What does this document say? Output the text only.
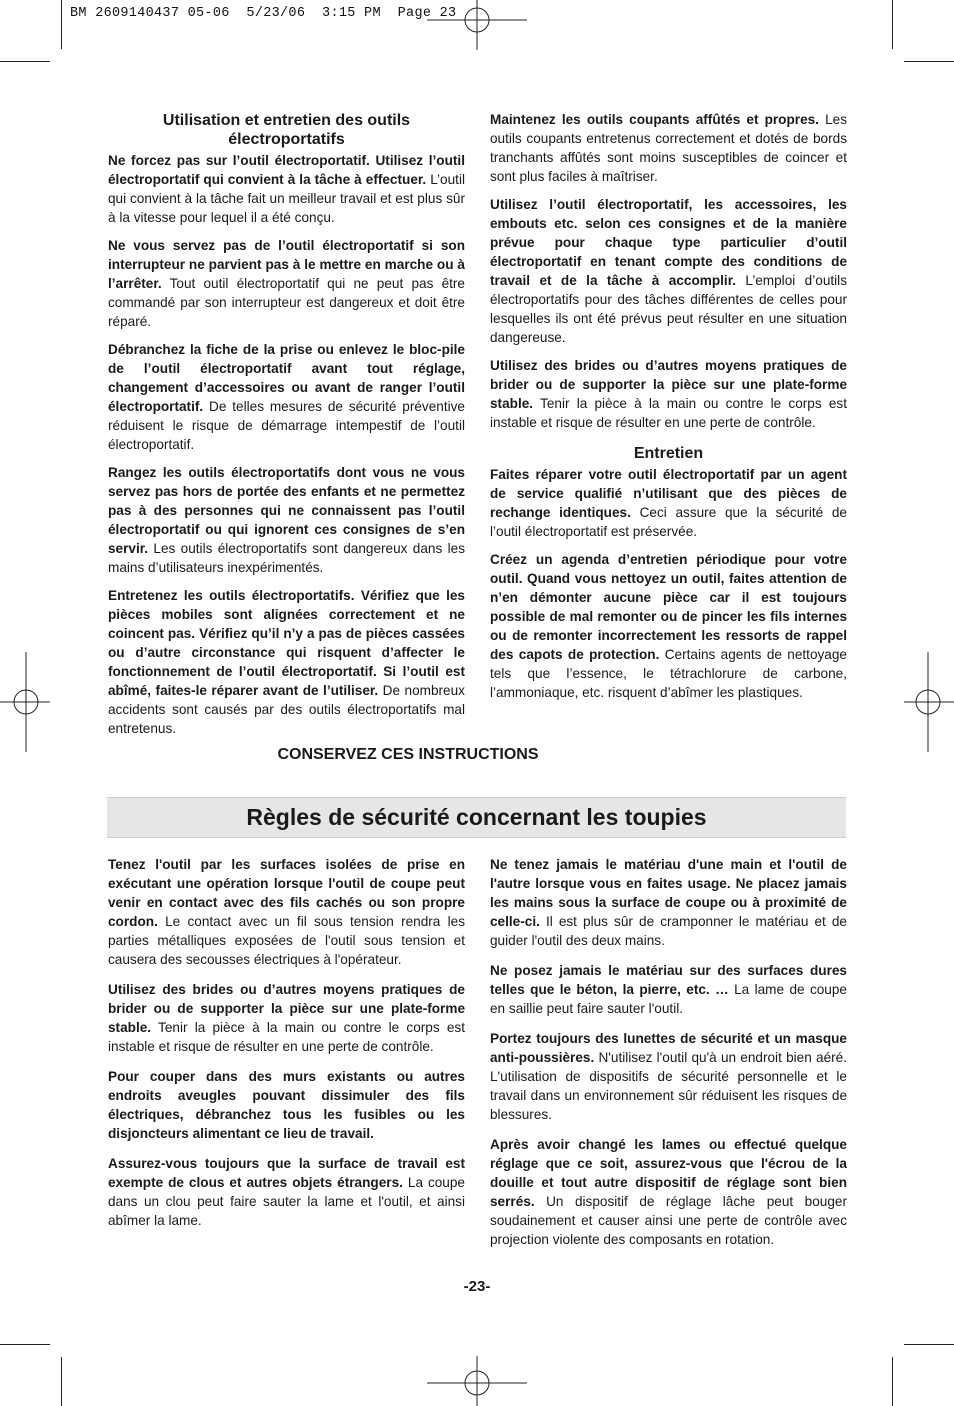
BM 2609140437 05-06  5/23/06  3:15 PM  Page 23
Utilisation et entretien des outils électroportatifs

Ne forcez pas sur l’outil électroportatif. Utilisez l’outil électroportatif qui convient à la tâche à effectuer. L’outil qui convient à la tâche fait un meilleur travail et est plus sûr à la vitesse pour lequel il a été conçu.

Ne vous servez pas de l’outil électroportatif si son interrupteur ne parvient pas à le mettre en marche ou à l’arrêter. Tout outil électroportatif qui ne peut pas être commandé par son interrupteur est dangereux et doit être réparé.

Débranchez la fiche de la prise ou enlevez le bloc-pile de l’outil électroportatif avant tout réglage, changement d’accessoires ou avant de ranger l’outil électroportatif. De telles mesures de sécurité préventive réduisent le risque de démarrage intempestif de l’outil électroportatif.

Rangez les outils électroportatifs dont vous ne vous servez pas hors de portée des enfants et ne permettez pas à des personnes qui ne connaissent pas l’outil électroportatif ou qui ignorent ces consignes de s’en servir. Les outils électroportatifs sont dangereux dans les mains d’utilisateurs inexpérimentés.

Entretenez les outils électroportatifs. Vérifiez que les pièces mobiles sont alignées correctement et ne coincent pas. Vérifiez qu’il n’y a pas de pièces cassées ou d’autre circonstance qui risquent d’affecter le fonctionnement de l’outil électroportatif. Si l’outil est abîmé, faites-le réparer avant de l’utiliser. De nombreux accidents sont causés par des outils électroportatifs mal entretenus.

Maintenez les outils coupants affûtés et propres. Les outils coupants entretenus correctement et dotés de bords tranchants affûtés sont moins susceptibles de coincer et sont plus faciles à maîtriser.

Utilisez l’outil électroportatif, les accessoires, les embouts etc. selon ces consignes et de la manière prévue pour chaque type particulier d’outil électroportatif en tenant compte des conditions de travail et de la tâche à accomplir. L’emploi d’outils électroportatifs pour des tâches différentes de celles pour lesquelles ils ont été prévus peut résulter en une situation dangereuse.

Utilisez des brides ou d’autres moyens pratiques de brider ou de supporter la pièce sur une plate-forme stable. Tenir la pièce à la main ou contre le corps est instable et risque de résulter en une perte de contrôle.

Entretien

Faites réparer votre outil électroportatif par un agent de service qualifié n’utilisant que des pièces de rechange identiques. Ceci assure que la sécurité de l’outil électroportatif est préservée.

Créez un agenda d’entretien périodique pour votre outil. Quand vous nettoyez un outil, faites attention de n’en démonter aucune pièce car il est toujours possible de mal remonter ou de pincer les fils internes ou de remonter incorrectement les ressorts de rappel des capots de protection. Certains agents de nettoyage tels que l’essence, le tétrachlorure de carbone, l’ammoniaque, etc. risquent d’abîmer les plastiques.

CONSERVEZ CES INSTRUCTIONS
Règles de sécurité concernant les toupies

Tenez l'outil par les surfaces isolées de prise en exécutant une opération lorsque l'outil de coupe peut venir en contact avec des fils cachés ou son propre cordon. Le contact avec un fil sous tension rendra les parties métalliques exposées de l'outil sous tension et causera des secousses électriques à l'opérateur.

Utilisez des brides ou d’autres moyens pratiques de brider ou de supporter la pièce sur une plate-forme stable. Tenir la pièce à la main ou contre le corps est instable et risque de résulter en une perte de contrôle.

Pour couper dans des murs existants ou autres endroits aveugles pouvant dissimuler des fils électriques, débranchez tous les fusibles ou les disjoncteurs alimentant ce lieu de travail.

Assurez-vous toujours que la surface de travail est exempte de clous et autres objets étrangers. La coupe dans un clou peut faire sauter la lame et l'outil, et ainsi abîmer la lame.

Ne tenez jamais le matériau d'une main et l'outil de l'autre lorsque vous en faites usage. Ne placez jamais les mains sous la surface de coupe ou à proximité de celle-ci. Il est plus sûr de cramponner le matériau et de guider l'outil des deux mains.

Ne posez jamais le matériau sur des surfaces dures telles que le béton, la pierre, etc. … La lame de coupe en saillie peut faire sauter l'outil.

Portez toujours des lunettes de sécurité et un masque anti-poussières. N'utilisez l'outil qu'à un endroit bien aéré. L'utilisation de dispositifs de sécurité personnelle et le travail dans un environnement sûr réduisent les risques de blessures.

Après avoir changé les lames ou effectué quelque réglage que ce soit, assurez-vous que l'écrou de la douille et tout autre dispositif de réglage sont bien serrés. Un dispositif de réglage lâche peut bouger soudainement et causer ainsi une perte de contrôle avec projection violente des composants en rotation.

-23-
